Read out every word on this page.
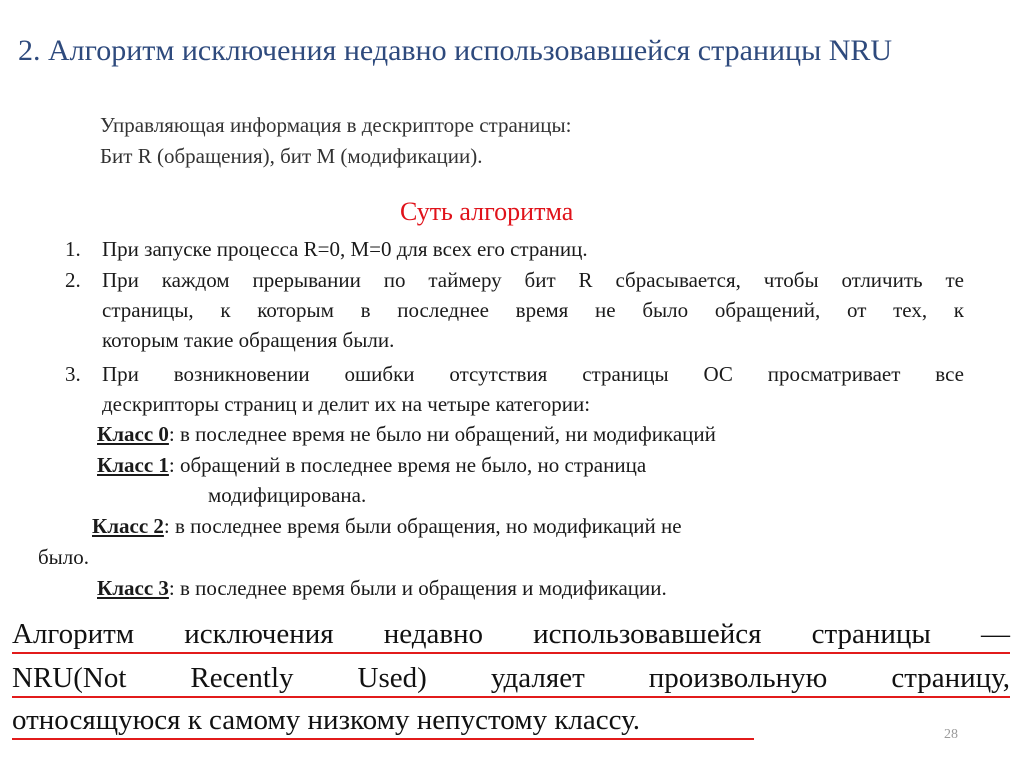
2. Алгоритм исключения недавно использовавшейся страницы NRU
Управляющая информация в дескрипторе страницы:
Бит R (обращения), бит M (модификации).
Суть алгоритма
1. При запуске процесса R=0, M=0 для всех его страниц.
2. При каждом прерывании по таймеру бит R сбрасывается, чтобы отличить те
страницы, к которым в последнее время не было обращений, от тех, к
которым такие обращения были.
3. При возникновении ошибки отсутствия страницы ОС просматривает все
дескрипторы страниц и делит их на четыре категории:
Класс 0: в последнее время не было ни обращений, ни модификаций
Класс 1: обращений в последнее время не было, но страница
модифицирована.
Класс 2: в последнее время были обращения, но модификаций не
было.
Класс 3: в последнее время были и обращения и модификации.
Алгоритм исключения недавно использовавшейся страницы —
NRU(Not Recently Used) удаляет произвольную страницу,
относящуюся к самому низкому непустому классу.	28
